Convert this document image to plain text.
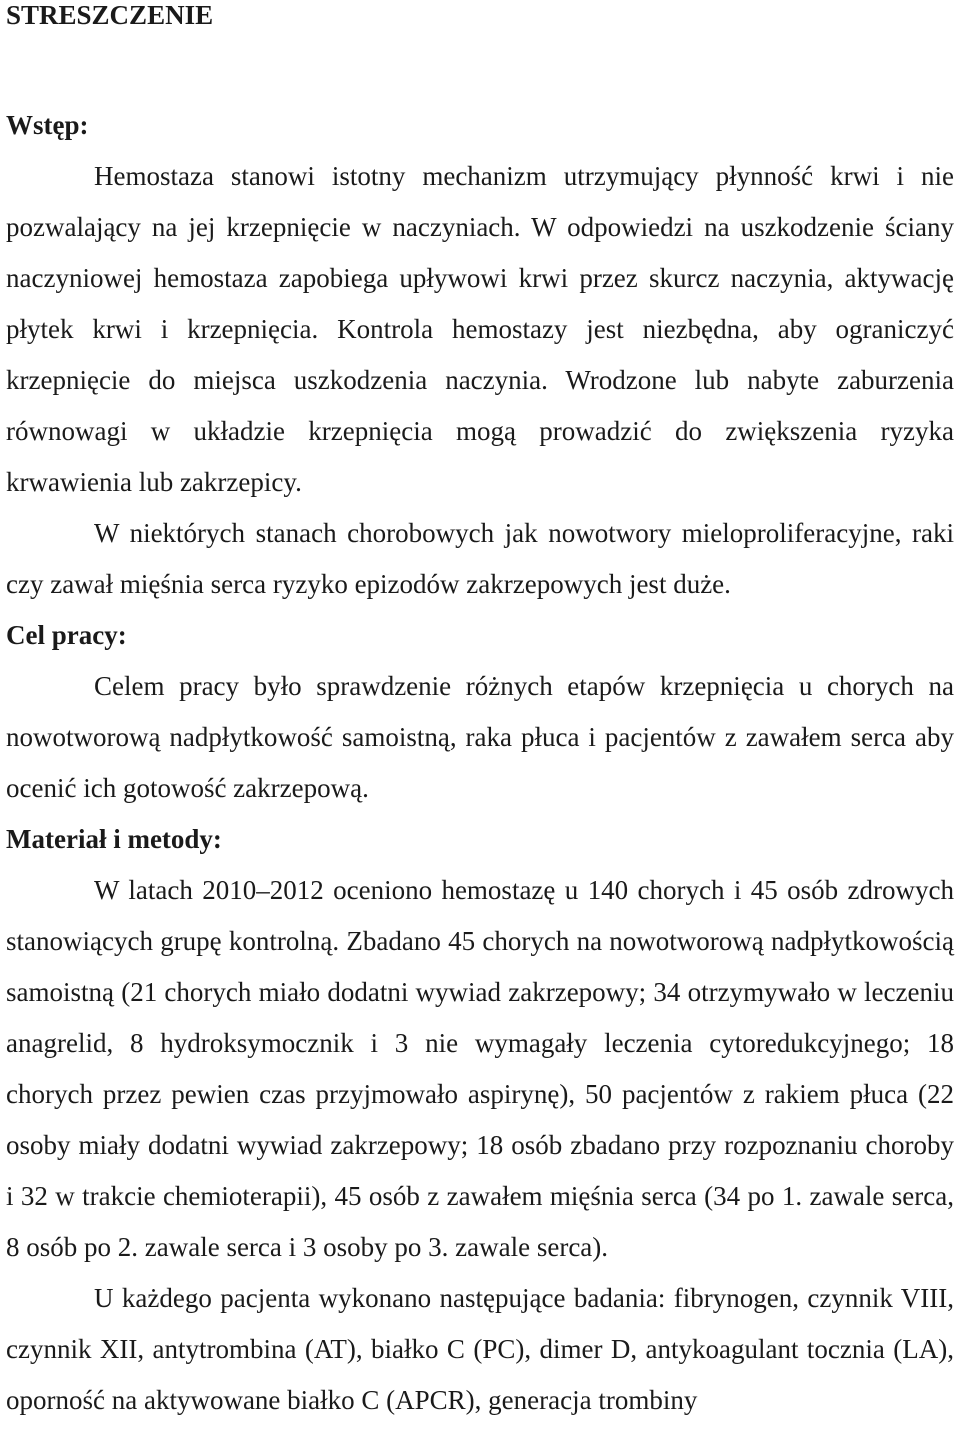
STRESZCZENIE
Wstęp:

Hemostaza stanowi istotny mechanizm utrzymujący płynność krwi i nie pozwalający na jej krzepnięcie w naczyniach. W odpowiedzi na uszkodzenie ściany naczyniowej hemostaza zapobiega upływowi krwi przez skurcz naczynia, aktywację płytek krwi i krzepnięcia. Kontrola hemostazy jest niezbędna, aby ograniczyć krzepnięcie do miejsca uszkodzenia naczynia. Wrodzone lub nabyte zaburzenia równowagi w układzie krzepnięcia mogą prowadzić do zwiększenia ryzyka krwawienia lub zakrzepicy.

W niektórych stanach chorobowych jak nowotwory mieloproliferacyjne, raki czy zawał mięśnia serca ryzyko epizodów zakrzepowych jest duże.

Cel pracy:

Celem pracy było sprawdzenie różnych etapów krzepnięcia u chorych na nowotworową nadpłytkowość samoistną, raka płuca i pacjentów z zawałem serca aby ocenić ich gotowość zakrzepową.

Materiał i metody:

W latach 2010–2012 oceniono hemostazę u 140 chorych i 45 osób zdrowych stanowiących grupę kontrolną. Zbadano 45 chorych na nowotworową nadpłytkowością samoistną (21 chorych miało dodatni wywiad zakrzepowy; 34 otrzymywało w leczeniu anagrelid, 8 hydroksymocznik i 3 nie wymagały leczenia cytoredukcyjnego; 18 chorych przez pewien czas przyjmowało aspirynę), 50 pacjentów z rakiem płuca (22 osoby miały dodatni wywiad zakrzepowy; 18 osób zbadano przy rozpoznaniu choroby i 32 w trakcie chemioterapii), 45 osób z zawałem mięśnia serca (34 po 1. zawale serca, 8 osób po 2. zawale serca i 3 osoby po 3. zawale serca).

U każdego pacjenta wykonano następujące badania: fibrynogen, czynnik VIII, czynnik XII, antytrombina (AT), białko C (PC), dimer D, antykoagulant tocznia (LA), oporność na aktywowane białko C (APCR), generacja trombiny
